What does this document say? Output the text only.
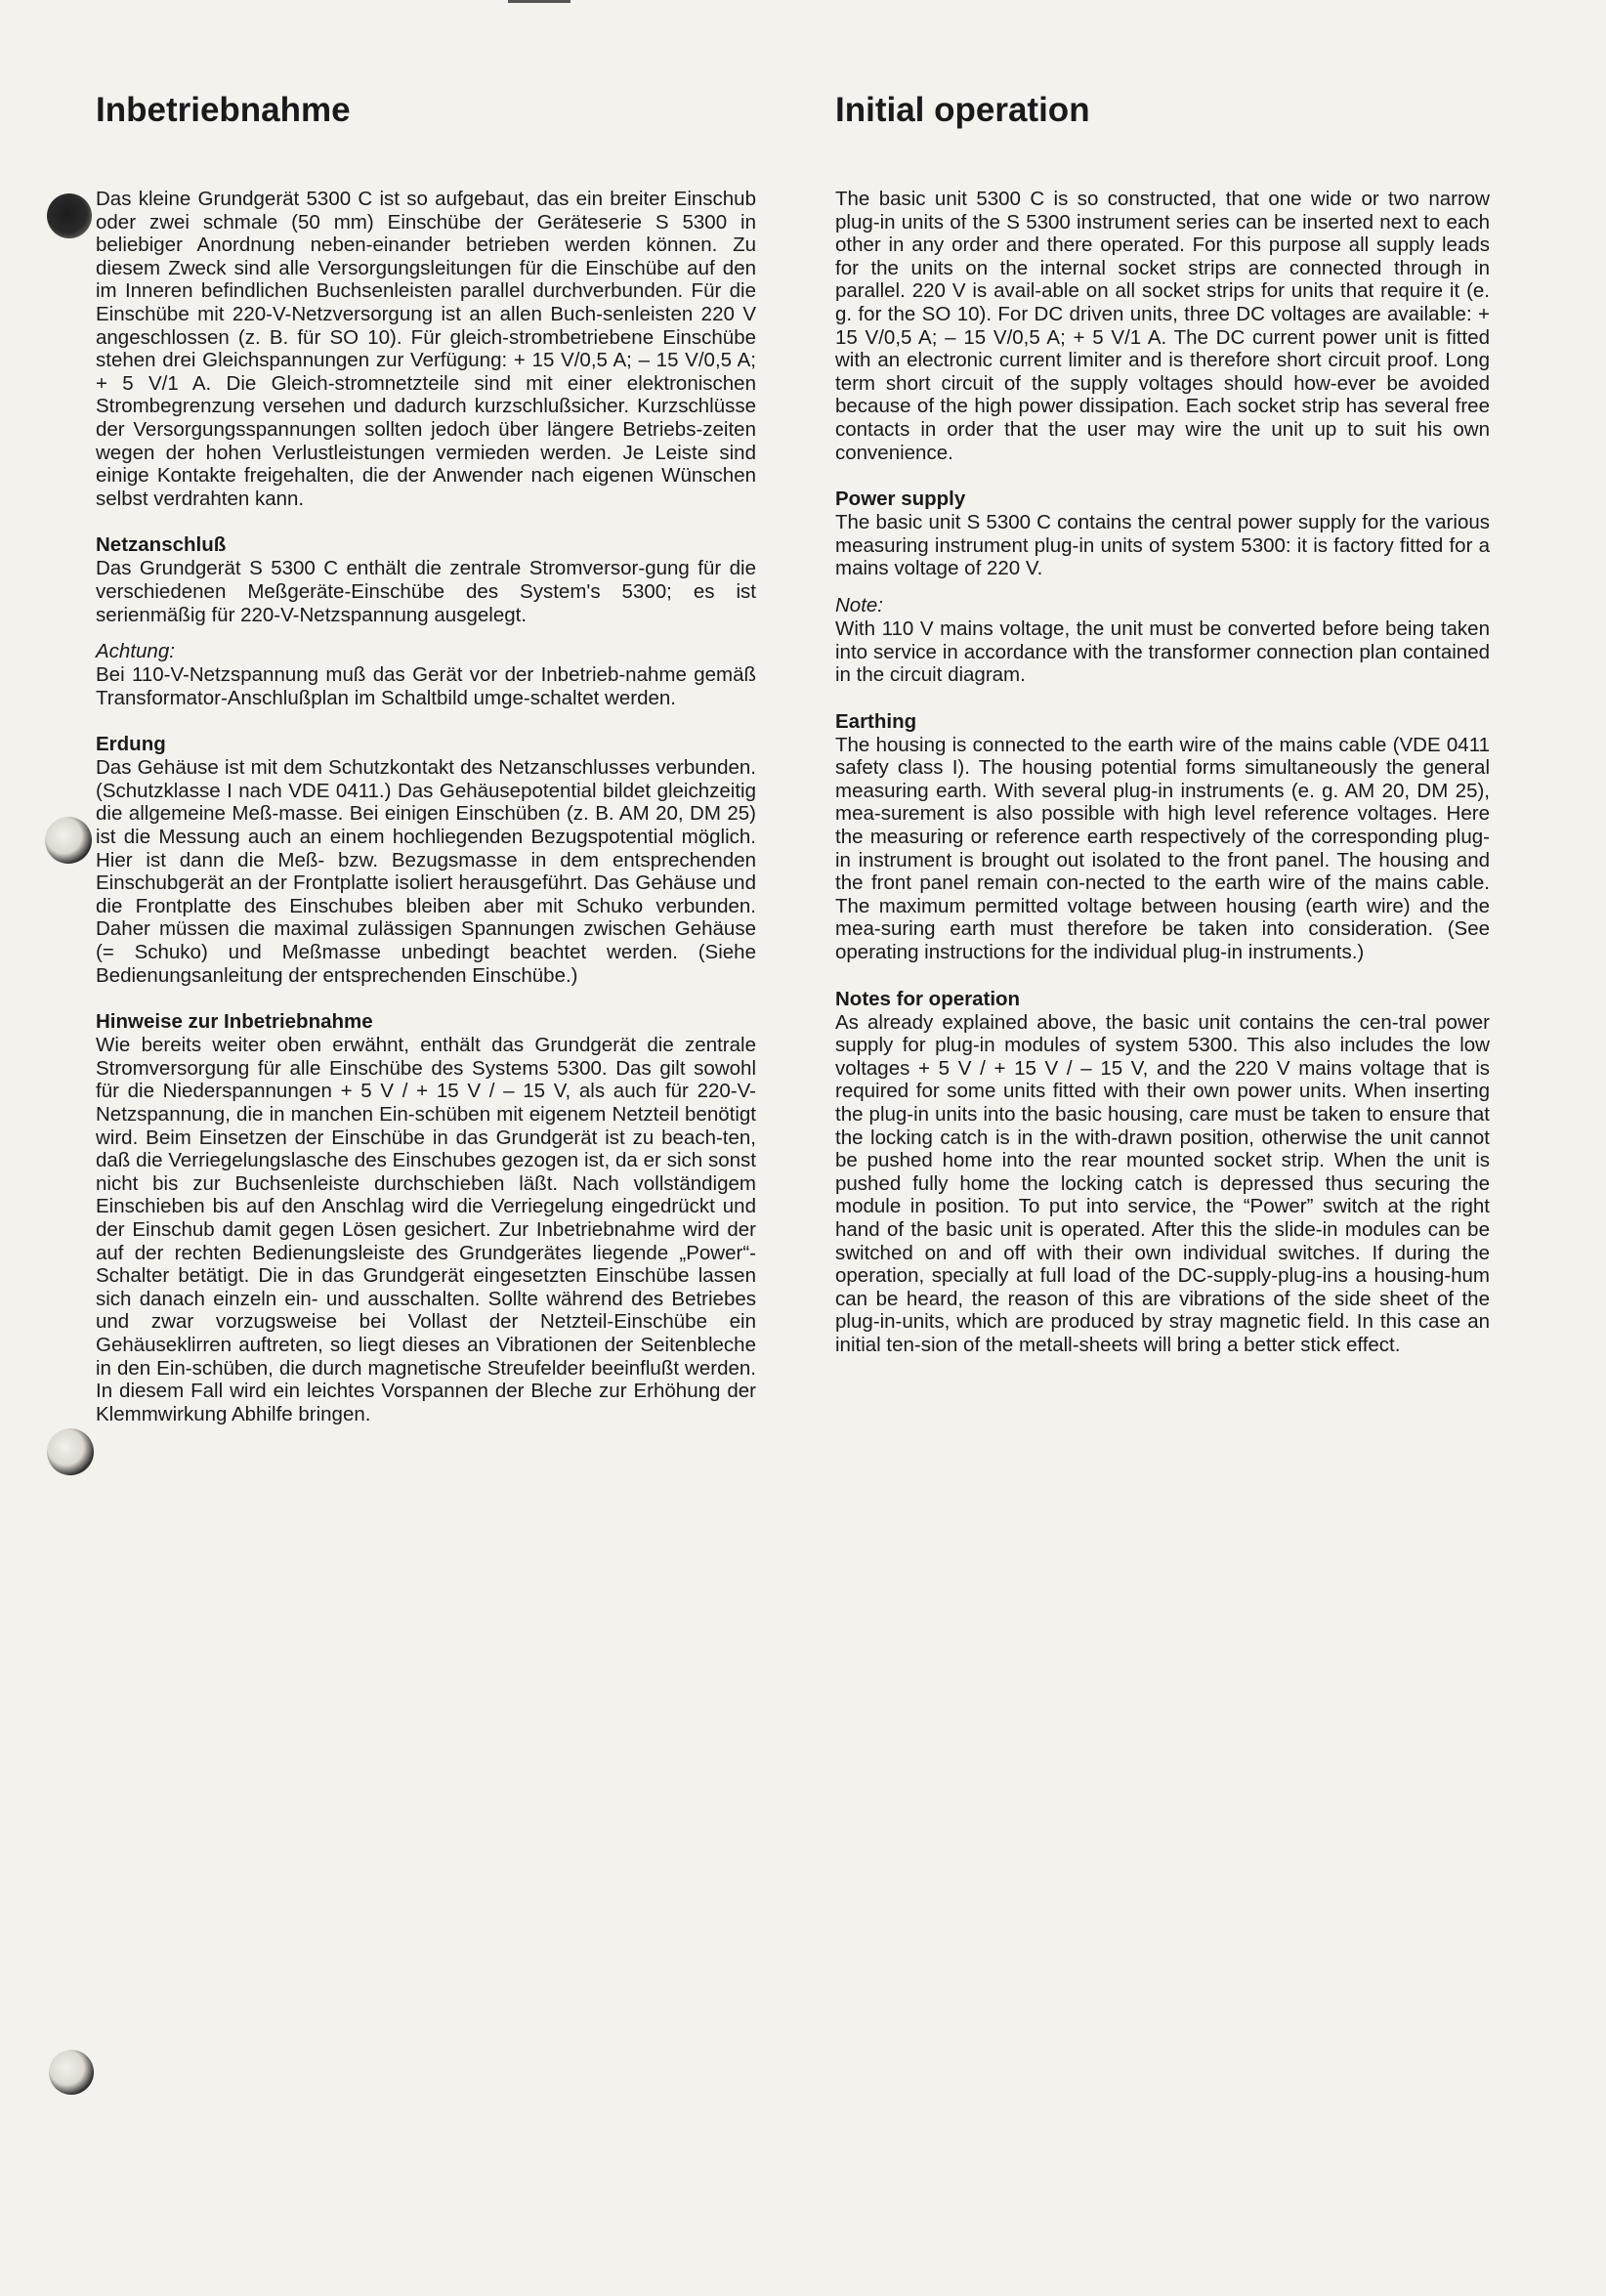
Inbetriebnahme

Das kleine Grundgerät 5300 C ist so aufgebaut, das ein breiter Einschub oder zwei schmale (50 mm) Einschübe der Geräteserie S 5300 in beliebiger Anordnung neben-einander betrieben werden können. Zu diesem Zweck sind alle Versorgungsleitungen für die Einschübe auf den im Inneren befindlichen Buchsenleisten parallel durchverbunden. Für die Einschübe mit 220-V-Netzversorgung ist an allen Buch-senleisten 220 V angeschlossen (z. B. für SO 10). Für gleich-strombetriebene Einschübe stehen drei Gleichspannungen zur Verfügung: + 15 V/0,5 A; – 15 V/0,5 A; + 5 V/1 A. Die Gleich-stromnetzteile sind mit einer elektronischen Strombegrenzung versehen und dadurch kurzschlußsicher. Kurzschlüsse der Versorgungsspannungen sollten jedoch über längere Betriebs-zeiten wegen der hohen Verlustleistungen vermieden werden. Je Leiste sind einige Kontakte freigehalten, die der Anwender nach eigenen Wünschen selbst verdrahten kann.

Netzanschluß

Das Grundgerät S 5300 C enthält die zentrale Stromversor-gung für die verschiedenen Meßgeräte-Einschübe des System's 5300; es ist serienmäßig für 220-V-Netzspannung ausgelegt.

Achtung:

Bei 110-V-Netzspannung muß das Gerät vor der Inbetrieb-nahme gemäß Transformator-Anschlußplan im Schaltbild umge-schaltet werden.

Erdung

Das Gehäuse ist mit dem Schutzkontakt des Netzanschlusses verbunden. (Schutzklasse I nach VDE 0411.) Das Gehäusepotential bildet gleichzeitig die allgemeine Meß-masse. Bei einigen Einschüben (z. B. AM 20, DM 25) ist die Messung auch an einem hochliegenden Bezugspotential möglich. Hier ist dann die Meß- bzw. Bezugsmasse in dem entsprechenden Einschubgerät an der Frontplatte isoliert herausgeführt. Das Gehäuse und die Frontplatte des Einschubes bleiben aber mit Schuko verbunden. Daher müssen die maximal zulässigen Spannungen zwischen Gehäuse (= Schuko) und Meßmasse unbedingt beachtet werden. (Siehe Bedienungsanleitung der entsprechenden Einschübe.)

Hinweise zur Inbetriebnahme

Wie bereits weiter oben erwähnt, enthält das Grundgerät die zentrale Stromversorgung für alle Einschübe des Systems 5300. Das gilt sowohl für die Niederspannungen + 5 V / + 15 V / – 15 V, als auch für 220-V-Netzspannung, die in manchen Ein-schüben mit eigenem Netzteil benötigt wird. Beim Einsetzen der Einschübe in das Grundgerät ist zu beach-ten, daß die Verriegelungslasche des Einschubes gezogen ist, da er sich sonst nicht bis zur Buchsenleiste durchschieben läßt. Nach vollständigem Einschieben bis auf den Anschlag wird die Verriegelung eingedrückt und der Einschub damit gegen Lösen gesichert. Zur Inbetriebnahme wird der auf der rechten Bedienungsleiste des Grundgerätes liegende „Power“-Schalter betätigt. Die in das Grundgerät eingesetzten Einschübe lassen sich danach einzeln ein- und ausschalten. Sollte während des Betriebes und zwar vorzugsweise bei Vollast der Netzteil-Einschübe ein Gehäuseklirren auftreten, so liegt dieses an Vibrationen der Seitenbleche in den Ein-schüben, die durch magnetische Streufelder beeinflußt werden. In diesem Fall wird ein leichtes Vorspannen der Bleche zur Erhöhung der Klemmwirkung Abhilfe bringen.

Initial operation

The basic unit 5300 C is so constructed, that one wide or two narrow plug-in units of the S 5300 instrument series can be inserted next to each other in any order and there operated. For this purpose all supply leads for the units on the internal socket strips are connected through in parallel. 220 V is avail-able on all socket strips for units that require it (e. g. for the SO 10). For DC driven units, three DC voltages are available: + 15 V/0,5 A; – 15 V/0,5 A; + 5 V/1 A. The DC current power unit is fitted with an electronic current limiter and is therefore short circuit proof. Long term short circuit of the supply voltages should how-ever be avoided because of the high power dissipation. Each socket strip has several free contacts in order that the user may wire the unit up to suit his own convenience.

Power supply

The basic unit S 5300 C contains the central power supply for the various measuring instrument plug-in units of system 5300: it is factory fitted for a mains voltage of 220 V.

Note:

With 110 V mains voltage, the unit must be converted before being taken into service in accordance with the transformer connection plan contained in the circuit diagram.

Earthing

The housing is connected to the earth wire of the mains cable (VDE 0411 safety class I). The housing potential forms simultaneously the general measuring earth. With several plug-in instruments (e. g. AM 20, DM 25), mea-surement is also possible with high level reference voltages. Here the measuring or reference earth respectively of the corresponding plug-in instrument is brought out isolated to the front panel. The housing and the front panel remain con-nected to the earth wire of the mains cable. The maximum permitted voltage between housing (earth wire) and the mea-suring earth must therefore be taken into consideration. (See operating instructions for the individual plug-in instruments.)

Notes for operation

As already explained above, the basic unit contains the cen-tral power supply for plug-in modules of system 5300. This also includes the low voltages + 5 V / + 15 V / – 15 V, and the 220 V mains voltage that is required for some units fitted with their own power units. When inserting the plug-in units into the basic housing, care must be taken to ensure that the locking catch is in the with-drawn position, otherwise the unit cannot be pushed home into the rear mounted socket strip. When the unit is pushed fully home the locking catch is depressed thus securing the module in position. To put into service, the “Power” switch at the right hand of the basic unit is operated. After this the slide-in modules can be switched on and off with their own individual switches. If during the operation, specially at full load of the DC-supply-plug-ins a housing-hum can be heard, the reason of this are vibrations of the side sheet of the plug-in-units, which are produced by stray magnetic field. In this case an initial ten-sion of the metall-sheets will bring a better stick effect.
